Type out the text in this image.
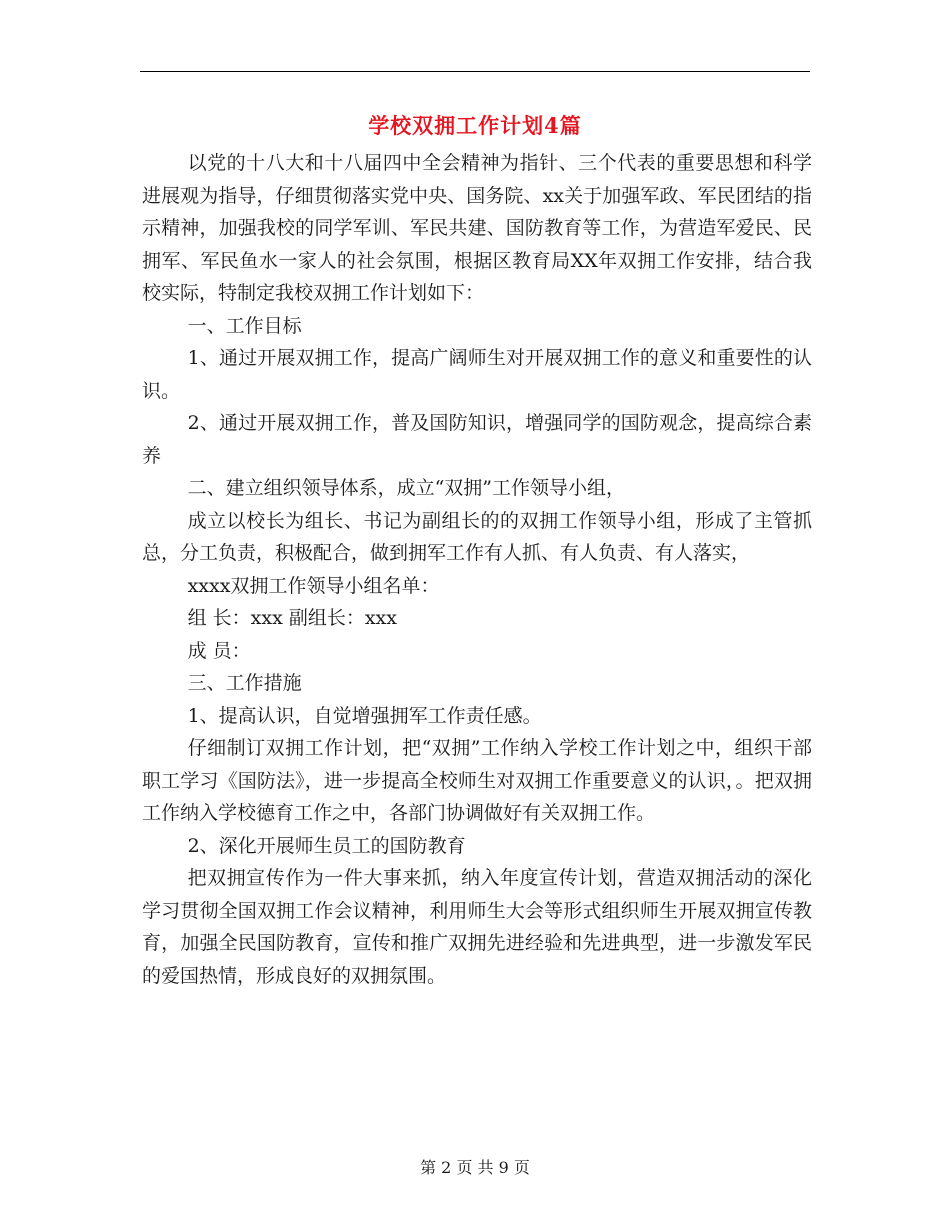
学校双拥工作计划4篇

以党的十八大和十八届四中全会精神为指针、三个代表的重要思想和科学进展观为指导，仔细贯彻落实党中央、国务院、xx关于加强军政、军民团结的指示精神，加强我校的同学军训、军民共建、国防教育等工作，为营造军爱民、民拥军、军民鱼水一家人的社会氛围，根据区教育局XX年双拥工作安排，结合我校实际，特制定我校双拥工作计划如下：

一、工作目标

1、通过开展双拥工作，提高广阔师生对开展双拥工作的意义和重要性的认识。

2、通过开展双拥工作，普及国防知识，增强同学的国防观念，提高综合素养

二、建立组织领导体系，成立“双拥”工作领导小组，

成立以校长为组长、书记为副组长的的双拥工作领导小组，形成了主管抓总，分工负责，积极配合，做到拥军工作有人抓、有人负责、有人落实，

xxxx双拥工作领导小组名单：

组 长：xxx 副组长：xxx

成 员：

三、工作措施

1、提高认识，自觉增强拥军工作责任感。

仔细制订双拥工作计划，把“双拥”工作纳入学校工作计划之中，组织干部职工学习《国防法》，进一步提高全校师生对双拥工作重要意义的认识，。把双拥工作纳入学校德育工作之中，各部门协调做好有关双拥工作。

2、深化开展师生员工的国防教育

把双拥宣传作为一件大事来抓，纳入年度宣传计划，营造双拥活动的深化学习贯彻全国双拥工作会议精神，利用师生大会等形式组织师生开展双拥宣传教育，加强全民国防教育，宣传和推广双拥先进经验和先进典型，进一步激发军民的爱国热情，形成良好的双拥氛围。

第 2 页 共 9 页
